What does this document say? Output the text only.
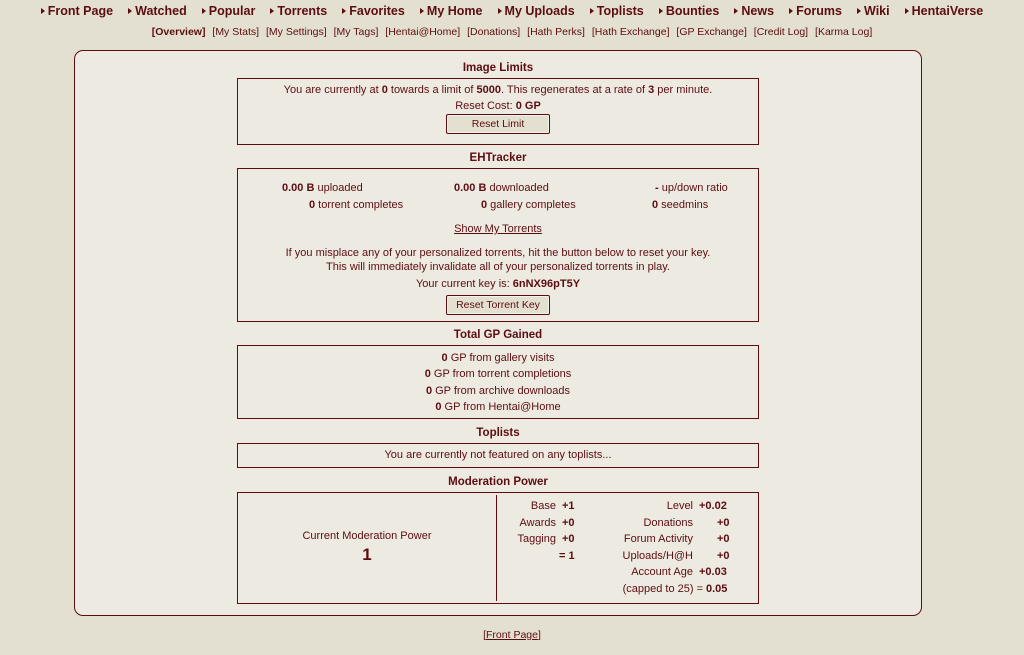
Front Page Watched Popular Torrents Favorites My Home My Uploads Toplists Bounties News Forums Wiki HentaiVerse
[Overview] [My Stats] [My Settings] [My Tags] [Hentai@Home] [Donations] [Hath Perks] [Hath Exchange] [GP Exchange] [Credit Log] [Karma Log]
Image Limits
You are currently at 0 towards a limit of 5000. This regenerates at a rate of 3 per minute.
Reset Cost: 0 GP
Reset Limit
EHTracker
0.00 B uploaded
0 torrent completes
0.00 B downloaded
0 gallery completes
- up/down ratio
0 seedmins
Show My Torrents
If you misplace any of your personalized torrents, hit the button below to reset your key.
This will immediately invalidate all of your personalized torrents in play.
Your current key is: 6nNX96pT5Y
Reset Torrent Key
Total GP Gained
0 GP from gallery visits
0 GP from torrent completions
0 GP from archive downloads
0 GP from Hentai@Home
Toplists
You are currently not featured on any toplists...
Moderation Power
Current Moderation Power
1
Base +1
Awards +0
Tagging +0
= 1
Level +0.02
Donations +0
Forum Activity +0
Uploads/H@H +0
Account Age +0.03
(capped to 25) = 0.05
[Front Page]
